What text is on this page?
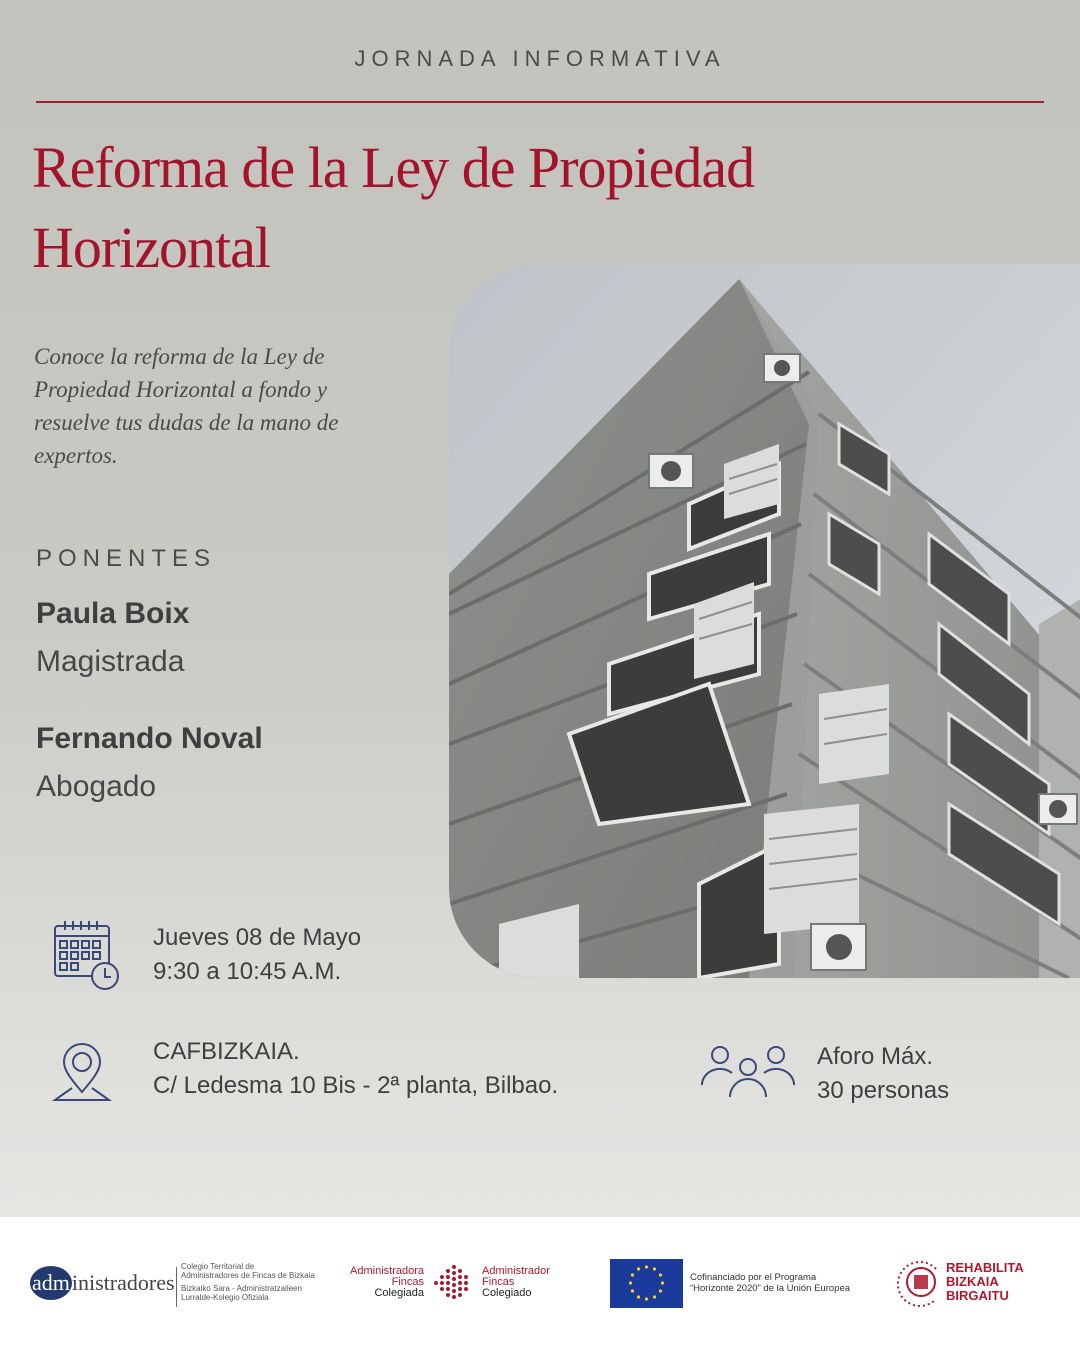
JORNADA INFORMATIVA
Reforma de la Ley de Propiedad
Horizontal
Conoce la reforma de la Ley de
Propiedad Horizontal a fondo y
resuelve tus dudas de la mano de
expertos.
PONENTES
Paula Boix
Magistrada
Fernando Noval
Abogado
Jueves 08 de Mayo
9:30 a 10:45 A.M.
CAFBIZKAIA.
C/ Ledesma 10 Bis - 2ª planta, Bilbao.
Aforo Máx.
30 personas
administradores
Colegio Territorial de
Administradores de Fincas de Bizkaia
Bizkaiko Sara - Administratzaileen
Lurralde-Kolegio Ofiziala
Administradora
Fincas
Colegiada
Administrador
Fincas
Colegiado
Cofinanciado por el Programa
“Horizonte 2020” de la Unión Europea
REHABILITA
BIZKAIA
BIRGAITU
